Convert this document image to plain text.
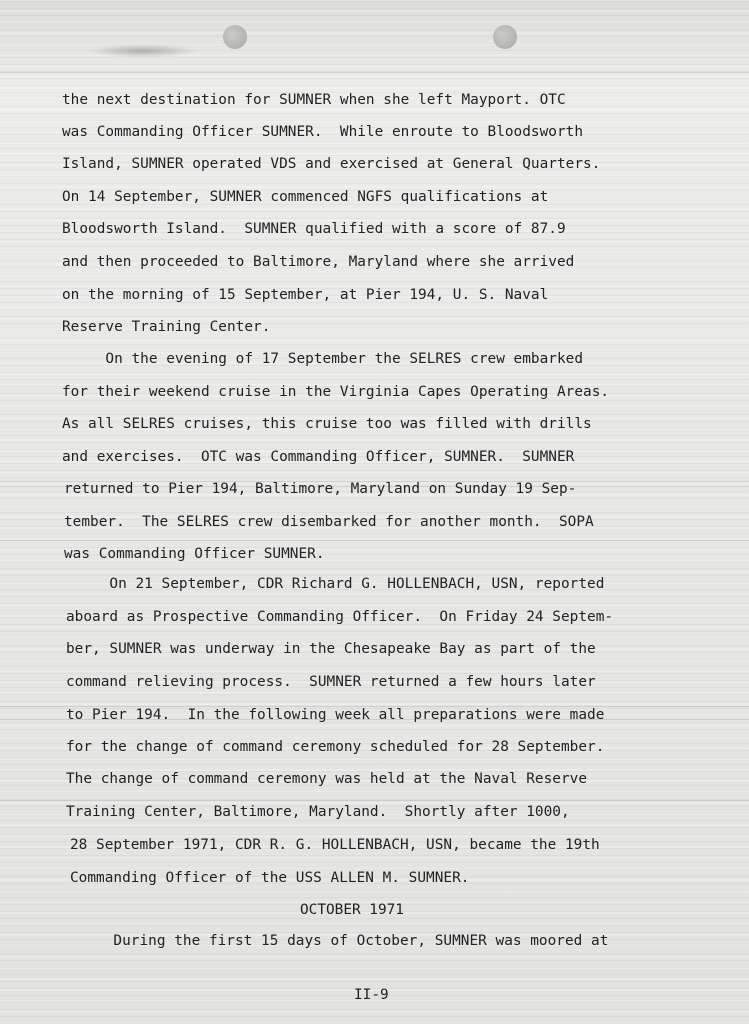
the next destination for SUMNER when she left Mayport. OTC
was Commanding Officer SUMNER.  While enroute to Bloodsworth
Island, SUMNER operated VDS and exercised at General Quarters.
On 14 September, SUMNER commenced NGFS qualifications at
Bloodsworth Island.  SUMNER qualified with a score of 87.9
and then proceeded to Baltimore, Maryland where she arrived
on the morning of 15 September, at Pier 194, U. S. Naval
Reserve Training Center.
On the evening of 17 September the SELRES crew embarked
for their weekend cruise in the Virginia Capes Operating Areas.
As all SELRES cruises, this cruise too was filled with drills
and exercises.  OTC was Commanding Officer, SUMNER.  SUMNER
returned to Pier 194, Baltimore, Maryland on Sunday 19 Sep-
tember.  The SELRES crew disembarked for another month.  SOPA
was Commanding Officer SUMNER.
On 21 September, CDR Richard G. HOLLENBACH, USN, reported
aboard as Prospective Commanding Officer.  On Friday 24 Septem-
ber, SUMNER was underway in the Chesapeake Bay as part of the
command relieving process.  SUMNER returned a few hours later
to Pier 194.  In the following week all preparations were made
for the change of command ceremony scheduled for 28 September.
The change of command ceremony was held at the Naval Reserve
Training Center, Baltimore, Maryland.  Shortly after 1000,
28 September 1971, CDR R. G. HOLLENBACH, USN, became the 19th
Commanding Officer of the USS ALLEN M. SUMNER.
OCTOBER 1971
During the first 15 days of October, SUMNER was moored at
II-9
